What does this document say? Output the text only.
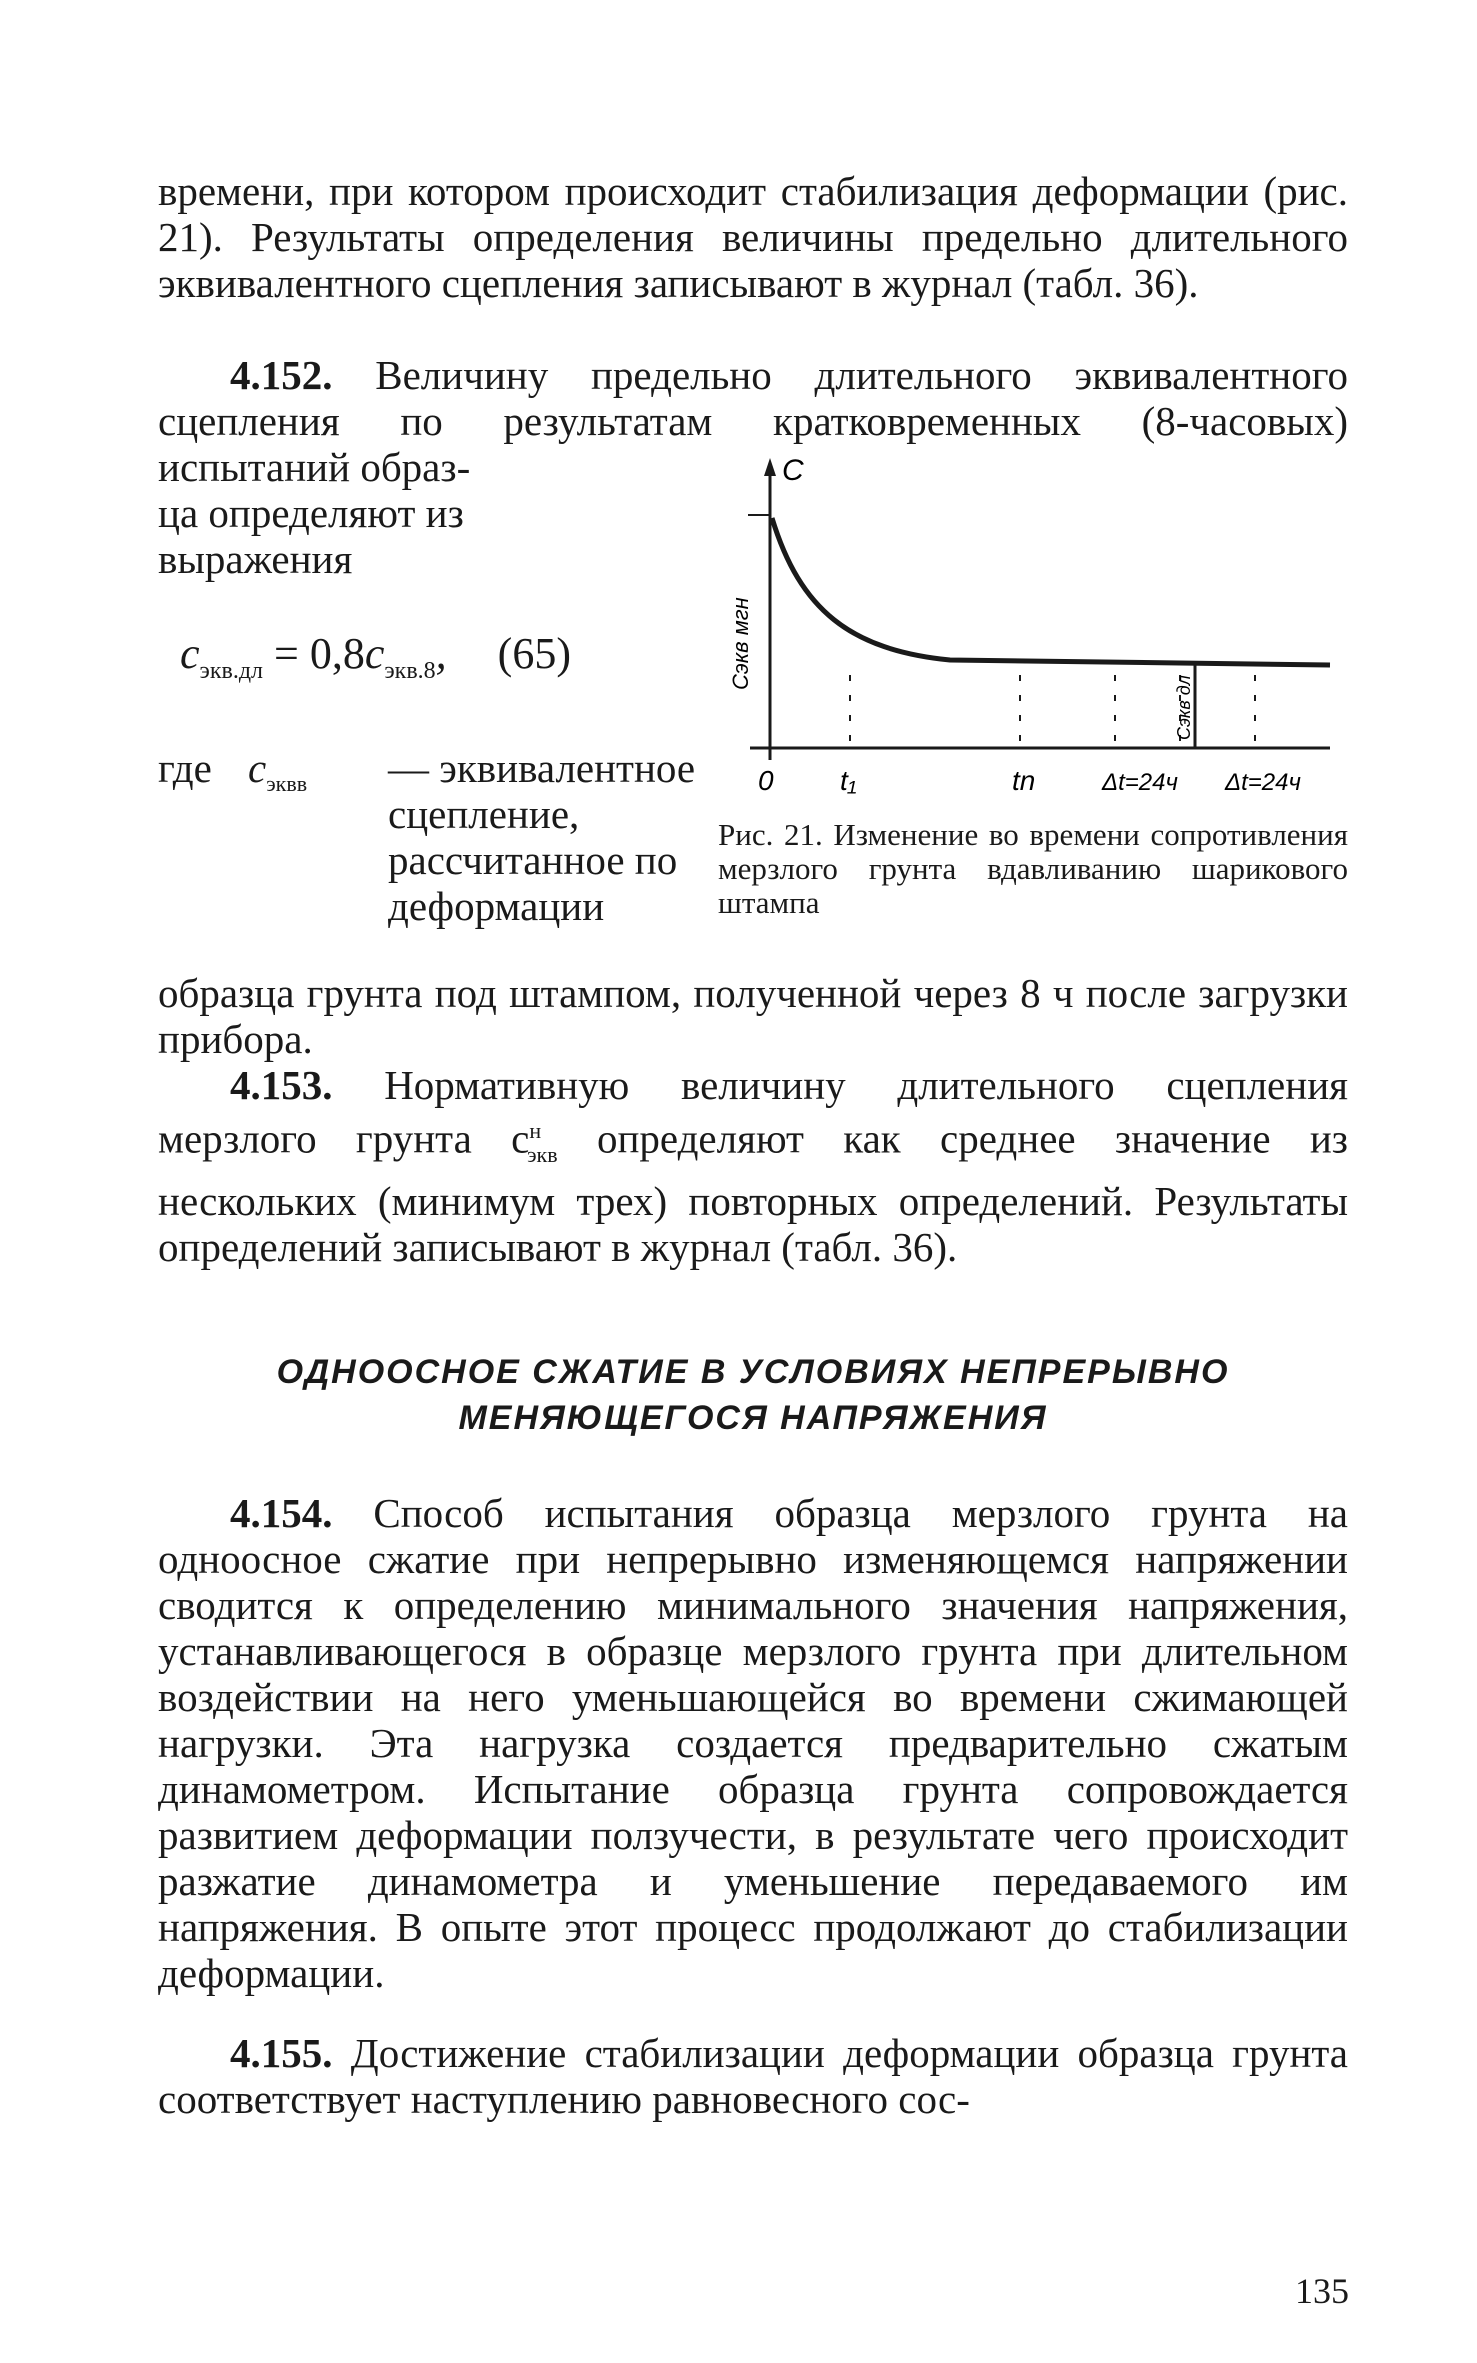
времени, при котором происходит стабилизация деформации (рис. 21). Результаты определения величины предельно длительного эквивалентного сцепления записывают в журнал (табл. 36).

4.152. Величину предельно длительного эквивалентного сцепления по результатам кратковременных (8-часовых) испытаний образ-

ца определяют из выражения

$c_{экв.дл} = 0,8c_{экв.8}$, (65)
где $c_{эквв}$ — эквивалентное сцепление, рассчитанное по деформации
C
Cэкв мгн
Cэкв дл
0 t₁	tn	Δt=24ч Δt=24ч
Рис. 21. Изменение во времени сопротивления мерзлого грунта вдавливанию шарикового штампа

образца грунта под штампом, полученной через 8 ч после загрузки прибора.

4.153. Нормативную величину длительного сцепления мерзлого грунта $c^н_{экв}$ определяют как среднее значение из нескольких (минимум трех) повторных определений. Результаты определений записывают в журнал (табл. 36).

ОДНООСНОЕ СЖАТИЕ В УСЛОВИЯХ НЕПРЕРЫВНО
МЕНЯЮЩЕГОСЯ НАПРЯЖЕНИЯ

4.154. Способ испытания образца мерзлого грунта на одноосное сжатие при непрерывно изменяющемся напряжении сводится к определению минимального значения напряжения, устанавливающегося в образце мерзлого грунта при длительном воздействии на него уменьшающейся во времени сжимающей нагрузки. Эта нагрузка создается предварительно сжатым динамометром. Испытание образца грунта сопровождается развитием деформации ползучести, в результате чего происходит разжатие динамометра и уменьшение передаваемого им напряжения. В опыте этот процесс продолжают до стабилизации деформации.

4.155. Достижение стабилизации деформации образца грунта соответствует наступлению равновесного сос-

135
